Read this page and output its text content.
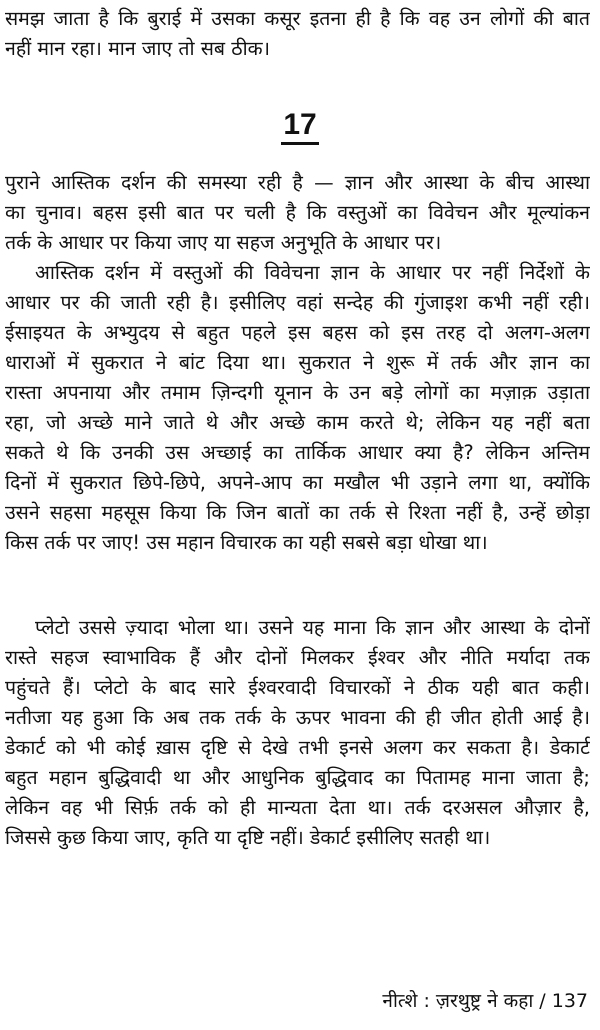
समझ जाता है कि बुराई में उसका कसूर इतना ही है कि वह उन लोगों की बात
नहीं मान रहा। मान जाए तो सब ठीक।
17
पुराने आस्तिक दर्शन की समस्या रही है — ज्ञान और आस्था के बीच आस्था
का चुनाव। बहस इसी बात पर चली है कि वस्तुओं का विवेचन और मूल्यांकन
तर्क के आधार पर किया जाए या सहज अनुभूति के आधार पर।
आस्तिक दर्शन में वस्तुओं की विवेचना ज्ञान के आधार पर नहीं निर्देशों के
आधार पर की जाती रही है। इसीलिए वहां सन्देह की गुंजाइश कभी नहीं रही।
ईसाइयत के अभ्युदय से बहुत पहले इस बहस को इस तरह दो अलग-अलग
धाराओं में सुकरात ने बांट दिया था। सुकरात ने शुरू में तर्क और ज्ञान का
रास्ता अपनाया और तमाम ज़िन्दगी यूनान के उन बड़े लोगों का मज़ाक़ उड़ाता
रहा, जो अच्छे माने जाते थे और अच्छे काम करते थे; लेकिन यह नहीं बता
सकते थे कि उनकी उस अच्छाई का तार्किक आधार क्या है? लेकिन अन्तिम
दिनों में सुकरात छिपे-छिपे, अपने-आप का मखौल भी उड़ाने लगा था, क्योंकि
उसने सहसा महसूस किया कि जिन बातों का तर्क से रिश्ता नहीं है, उन्हें छोड़ा
किस तर्क पर जाए! उस महान विचारक का यही सबसे बड़ा धोखा था।
प्लेटो उससे ज़्यादा भोला था। उसने यह माना कि ज्ञान और आस्था के दोनों
रास्ते सहज स्वाभाविक हैं और दोनों मिलकर ईश्वर और नीति मर्यादा तक
पहुंचते हैं। प्लेटो के बाद सारे ईश्वरवादी विचारकों ने ठीक यही बात कही।
नतीजा यह हुआ कि अब तक तर्क के ऊपर भावना की ही जीत होती आई है।
डेकार्ट को भी कोई ख़ास दृष्टि से देखे तभी इनसे अलग कर सकता है। डेकार्ट
बहुत महान बुद्धिवादी था और आधुनिक बुद्धिवाद का पितामह माना जाता है;
लेकिन वह भी सिर्फ़ तर्क को ही मान्यता देता था। तर्क दरअसल औज़ार है,
जिससे कुछ किया जाए, कृति या दृष्टि नहीं। डेकार्ट इसीलिए सतही था।
नीत्शे : ज़रथुष्ट्र ने कहा / 137
